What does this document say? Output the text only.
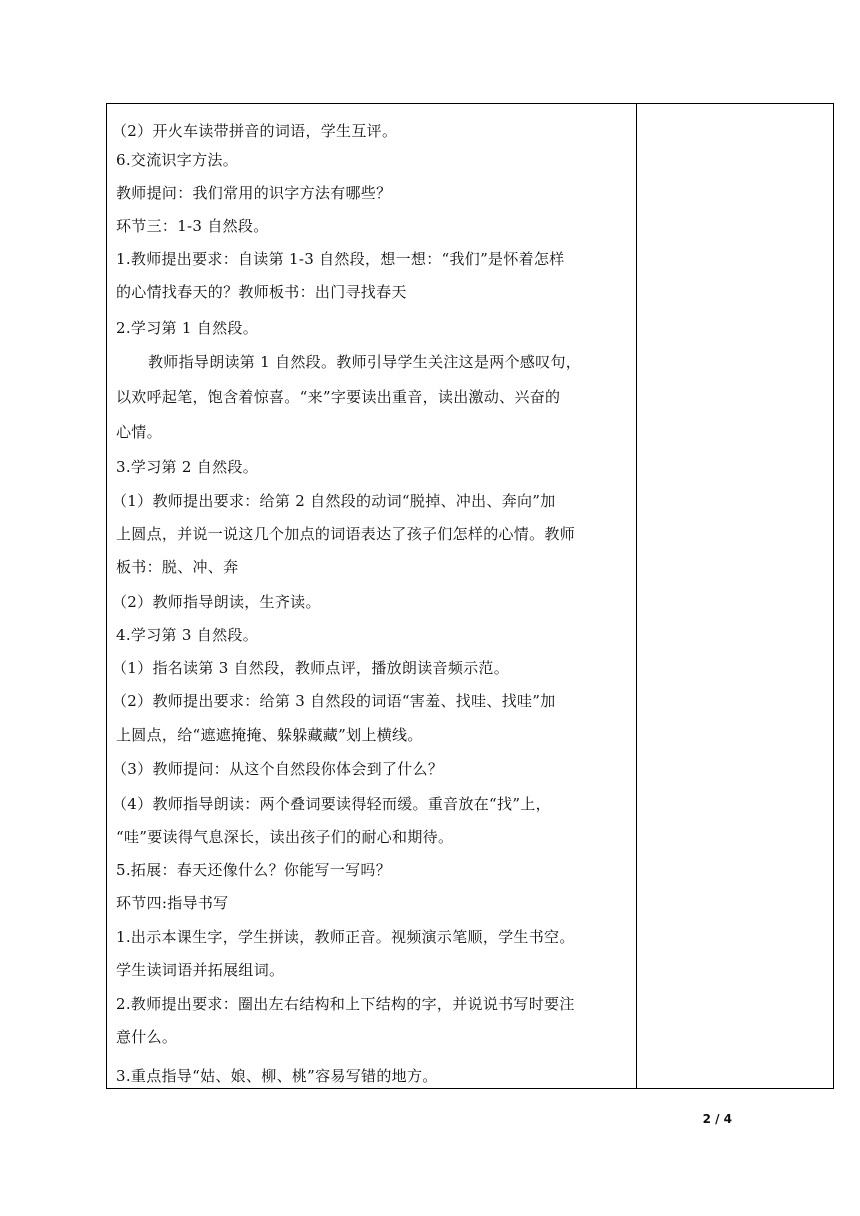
（2）开火车读带拼音的词语，学生互评。
6.交流识字方法。
教师提问：我们常用的识字方法有哪些？
环节三：1-3 自然段。
1.教师提出要求：自读第 1-3 自然段，想一想：“我们”是怀着怎样
的心情找春天的？教师板书：出门寻找春天
2.学习第 1 自然段。
教师指导朗读第 1 自然段。教师引导学生关注这是两个感叹句，
以欢呼起笔，饱含着惊喜。“来”字要读出重音，读出激动、兴奋的
心情。
3.学习第 2 自然段。
（1）教师提出要求：给第 2 自然段的动词“脱掉、冲出、奔向”加
上圆点，并说一说这几个加点的词语表达了孩子们怎样的心情。教师
板书：脱、冲、奔
（2）教师指导朗读，生齐读。
4.学习第 3 自然段。
（1）指名读第 3 自然段，教师点评，播放朗读音频示范。
（2）教师提出要求：给第 3 自然段的词语“害羞、找哇、找哇”加
上圆点，给“遮遮掩掩、躲躲藏藏”划上横线。
（3）教师提问：从这个自然段你体会到了什么？
（4）教师指导朗读：两个叠词要读得轻而缓。重音放在“找”上，
“哇”要读得气息深长，读出孩子们的耐心和期待。
5.拓展：春天还像什么？你能写一写吗？
环节四:指导书写
1.出示本课生字，学生拼读，教师正音。视频演示笔顺，学生书空。
学生读词语并拓展组词。
2.教师提出要求：圈出左右结构和上下结构的字，并说说书写时要注
意什么。
3.重点指导“姑、娘、柳、桃”容易写错的地方。
2 / 4
